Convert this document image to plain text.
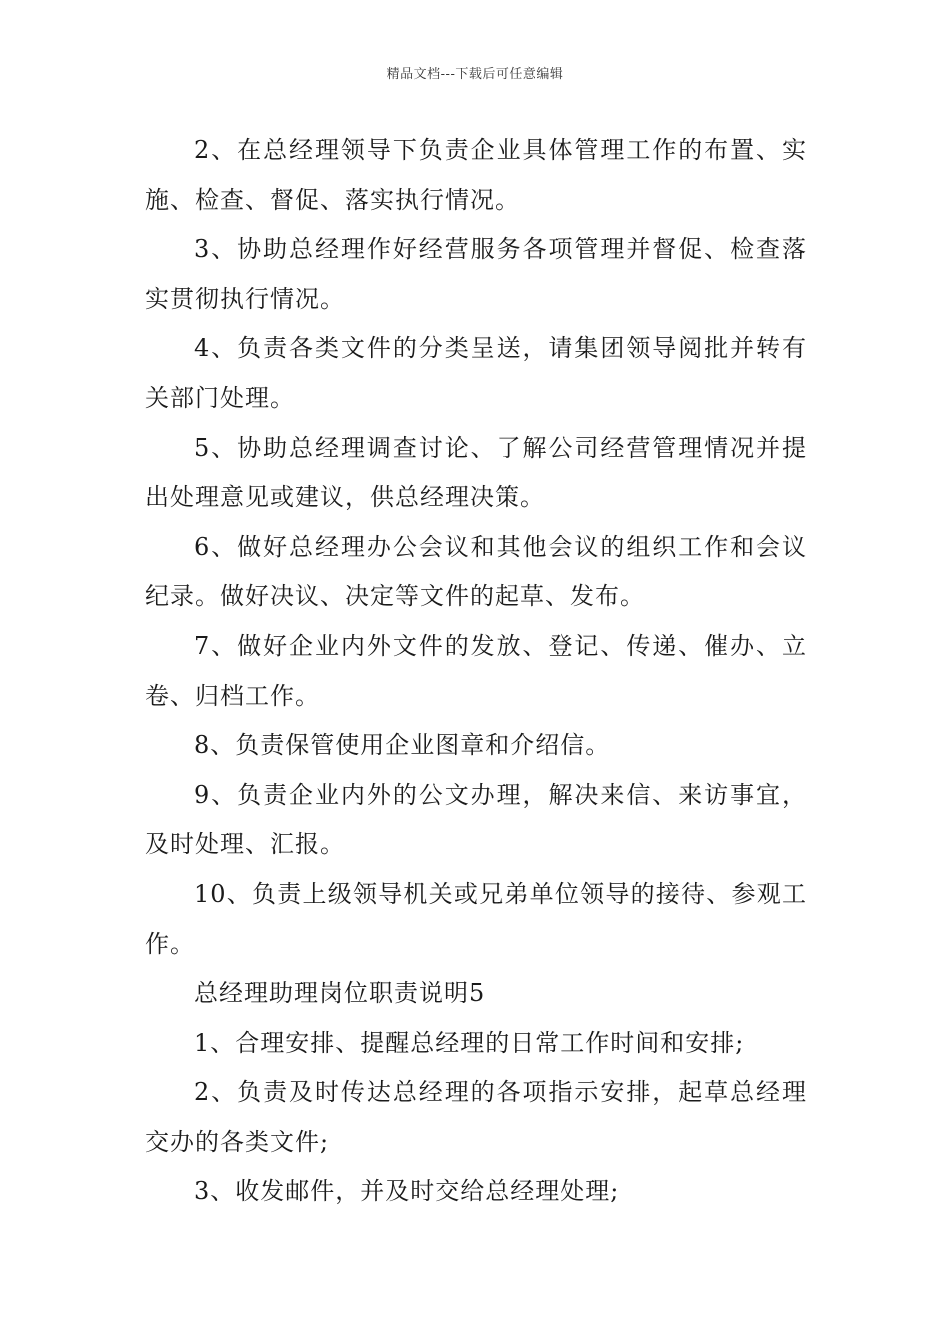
精品文档---下载后可任意编辑

2、在总经理领导下负责企业具体管理工作的布置、实施、检查、督促、落实执行情况。

3、协助总经理作好经营服务各项管理并督促、检查落实贯彻执行情况。

4、负责各类文件的分类呈送，请集团领导阅批并转有关部门处理。

5、协助总经理调查讨论、了解公司经营管理情况并提出处理意见或建议，供总经理决策。

6、做好总经理办公会议和其他会议的组织工作和会议纪录。做好决议、决定等文件的起草、发布。

7、做好企业内外文件的发放、登记、传递、催办、立卷、归档工作。

8、负责保管使用企业图章和介绍信。

9、负责企业内外的公文办理，解决来信、来访事宜，及时处理、汇报。

10、负责上级领导机关或兄弟单位领导的接待、参观工作。

总经理助理岗位职责说明5

1、合理安排、提醒总经理的日常工作时间和安排;

2、负责及时传达总经理的各项指示安排，起草总经理交办的各类文件;

3、收发邮件，并及时交给总经理处理;
